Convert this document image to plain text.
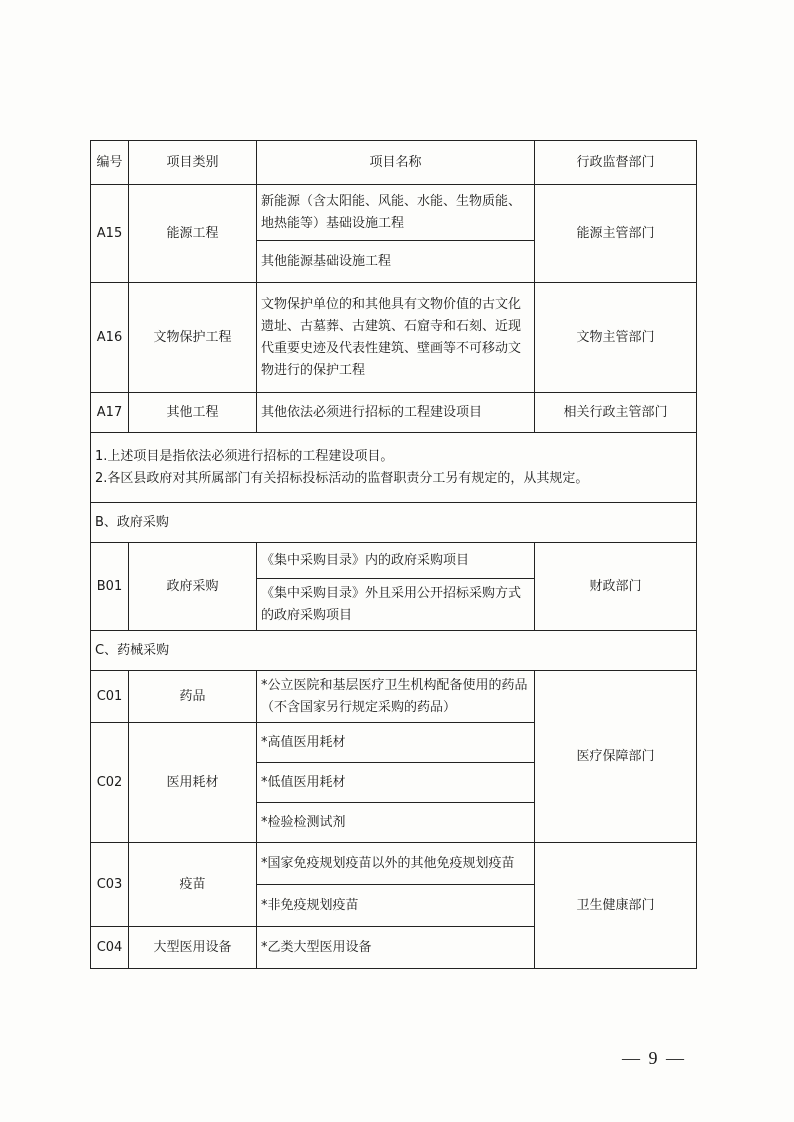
编号	项目类别	项目名称	行政监督部门
A15	能源工程	新能源（含太阳能、风能、水能、生物质能、地热能等）基础设施工程	能源主管部门
		其他能源基础设施工程	
A16	文物保护工程	文物保护单位的和其他具有文物价值的古文化遗址、古墓葬、古建筑、石窟寺和石刻、近现代重要史迹及代表性建筑、壁画等不可移动文物进行的保护工程	文物主管部门
A17	其他工程	其他依法必须进行招标的工程建设项目	相关行政主管部门

1.上述项目是指依法必须进行招标的工程建设项目。
2.各区县政府对其所属部门有关招标投标活动的监督职责分工另有规定的，从其规定。			

B、政府采购			
B01	政府采购	《集中采购目录》内的政府采购项目	财政部门
		《集中采购目录》外且采用公开招标采购方式的政府采购项目	
C、药械采购			
C01	药品	*公立医院和基层医疗卫生机构配备使用的药品（不含国家另行规定采购的药品）	医疗保障部门
C02	医用耗材	*高值医用耗材	
		*低值医用耗材	
		*检验检测试剂	
C03	疫苗	*国家免疫规划疫苗以外的其他免疫规划疫苗	卫生健康部门
		*非免疫规划疫苗	
C04	大型医用设备	*乙类大型医用设备	
— 9 —
